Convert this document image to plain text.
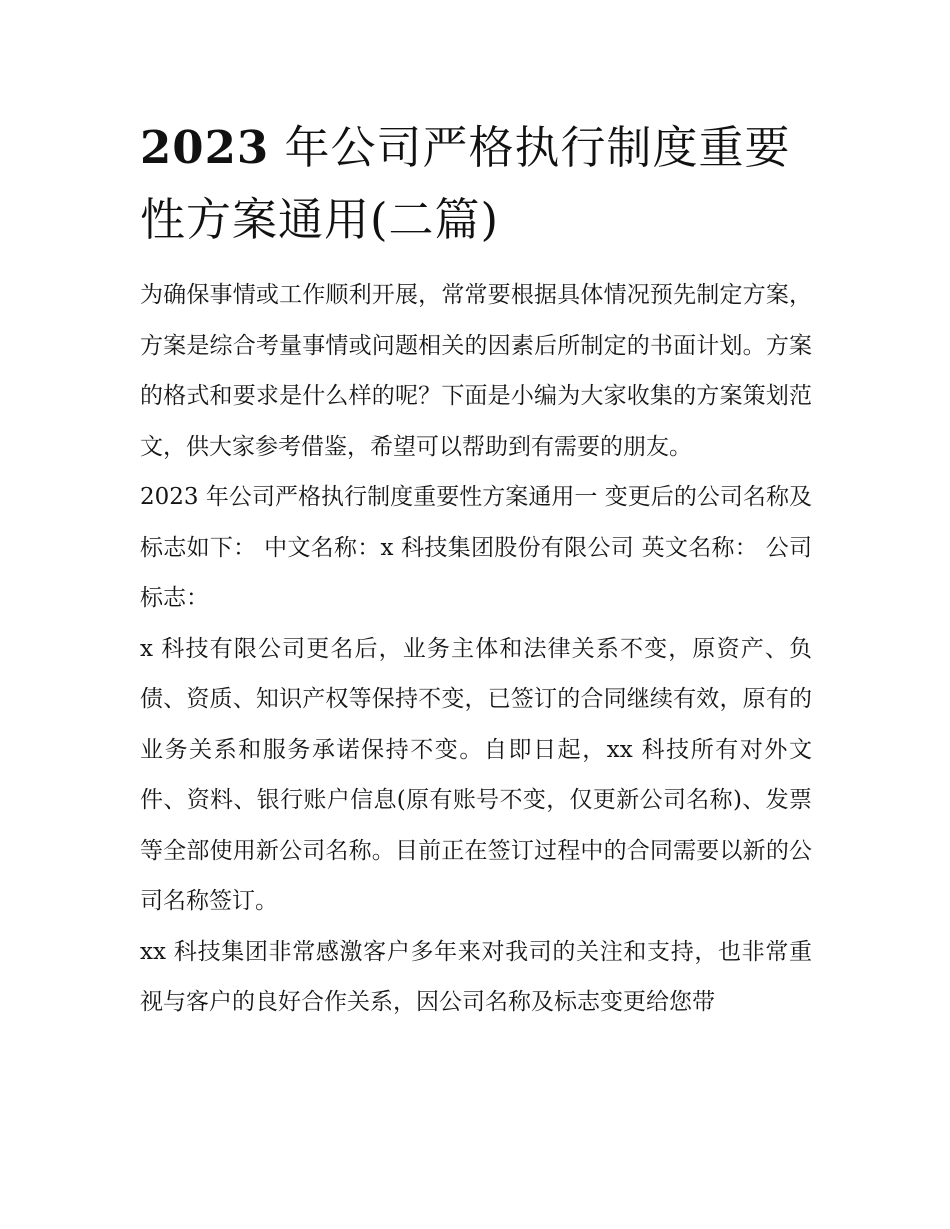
2023 年公司严格执行制度重要性方案通用(二篇)

为确保事情或工作顺利开展，常常要根据具体情况预先制定方案，方案是综合考量事情或问题相关的因素后所制定的书面计划。方案的格式和要求是什么样的呢？下面是小编为大家收集的方案策划范文，供大家参考借鉴，希望可以帮助到有需要的朋友。

2023 年公司严格执行制度重要性方案通用一 变更后的公司名称及标志如下： 中文名称：x 科技集团股份有限公司 英文名称： 公司标志：

x 科技有限公司更名后，业务主体和法律关系不变，原资产、负债、资质、知识产权等保持不变，已签订的合同继续有效，原有的业务关系和服务承诺保持不变。自即日起，xx 科技所有对外文件、资料、银行账户信息(原有账号不变，仅更新公司名称)、发票等全部使用新公司名称。目前正在签订过程中的合同需要以新的公司名称签订。

xx 科技集团非常感激客户多年来对我司的关注和支持，也非常重视与客户的良好合作关系，因公司名称及标志变更给您带
